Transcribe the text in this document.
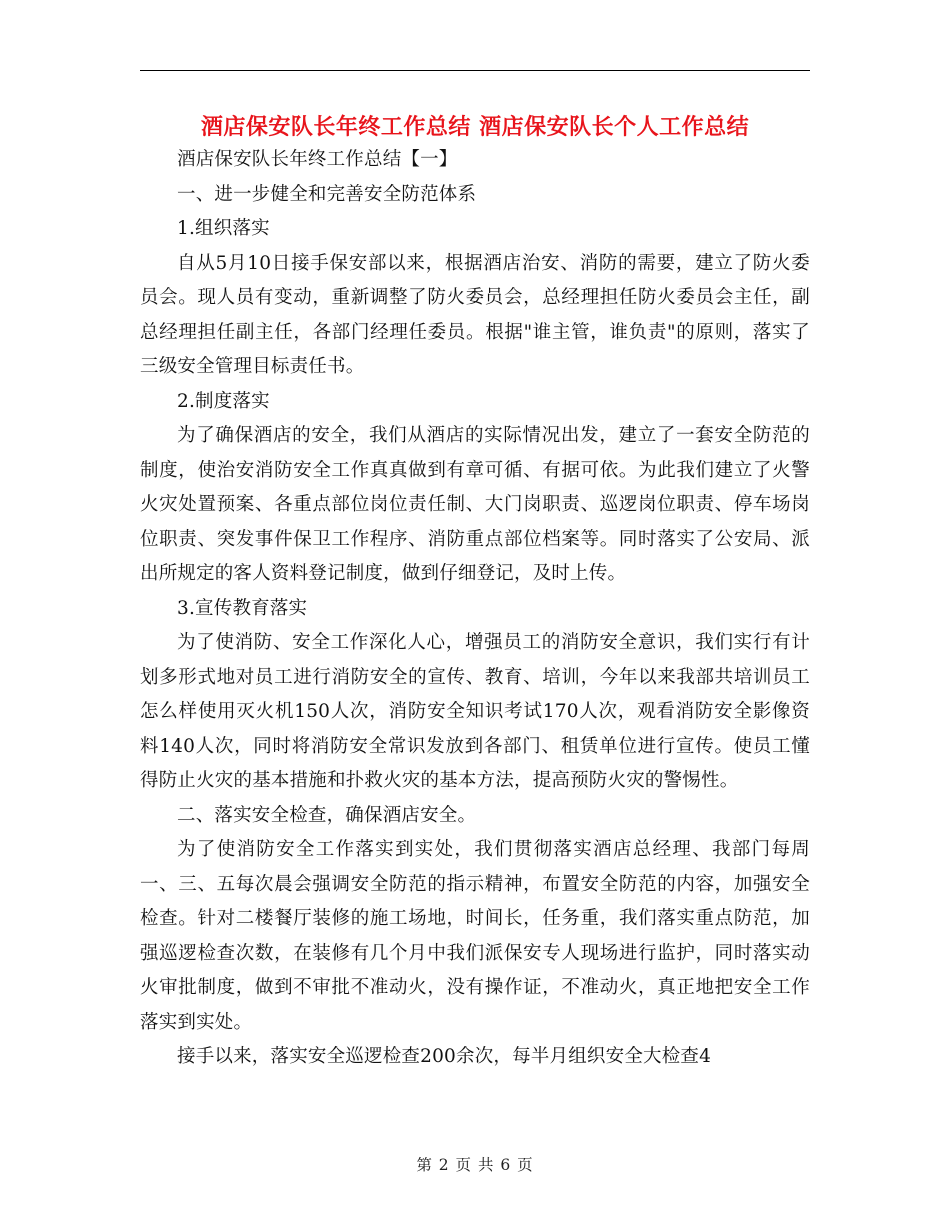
酒店保安队长年终工作总结 酒店保安队长个人工作总结

酒店保安队长年终工作总结【一】

一、进一步健全和完善安全防范体系

1.组织落实

自从5月10日接手保安部以来，根据酒店治安、消防的需要，建立了防火委员会。现人员有变动，重新调整了防火委员会，总经理担任防火委员会主任，副总经理担任副主任，各部门经理任委员。根据"谁主管，谁负责"的原则，落实了三级安全管理目标责任书。

2.制度落实

为了确保酒店的安全，我们从酒店的实际情况出发，建立了一套安全防范的制度，使治安消防安全工作真真做到有章可循、有据可依。为此我们建立了火警火灾处置预案、各重点部位岗位责任制、大门岗职责、巡逻岗位职责、停车场岗位职责、突发事件保卫工作程序、消防重点部位档案等。同时落实了公安局、派出所规定的客人资料登记制度，做到仔细登记，及时上传。

3.宣传教育落实

为了使消防、安全工作深化人心，增强员工的消防安全意识，我们实行有计划多形式地对员工进行消防安全的宣传、教育、培训，今年以来我部共培训员工怎么样使用灭火机150人次，消防安全知识考试170人次，观看消防安全影像资料140人次，同时将消防安全常识发放到各部门、租赁单位进行宣传。使员工懂得防止火灾的基本措施和扑救火灾的基本方法，提高预防火灾的警惕性。

二、落实安全检查，确保酒店安全。

为了使消防安全工作落实到实处，我们贯彻落实酒店总经理、我部门每周一、三、五每次晨会强调安全防范的指示精神，布置安全防范的内容，加强安全检查。针对二楼餐厅装修的施工场地，时间长，任务重，我们落实重点防范，加强巡逻检查次数，在装修有几个月中我们派保安专人现场进行监护，同时落实动火审批制度，做到不审批不准动火，没有操作证，不准动火，真正地把安全工作落实到实处。

接手以来，落实安全巡逻检查200余次，每半月组织安全大检查4

第 2 页 共 6 页
